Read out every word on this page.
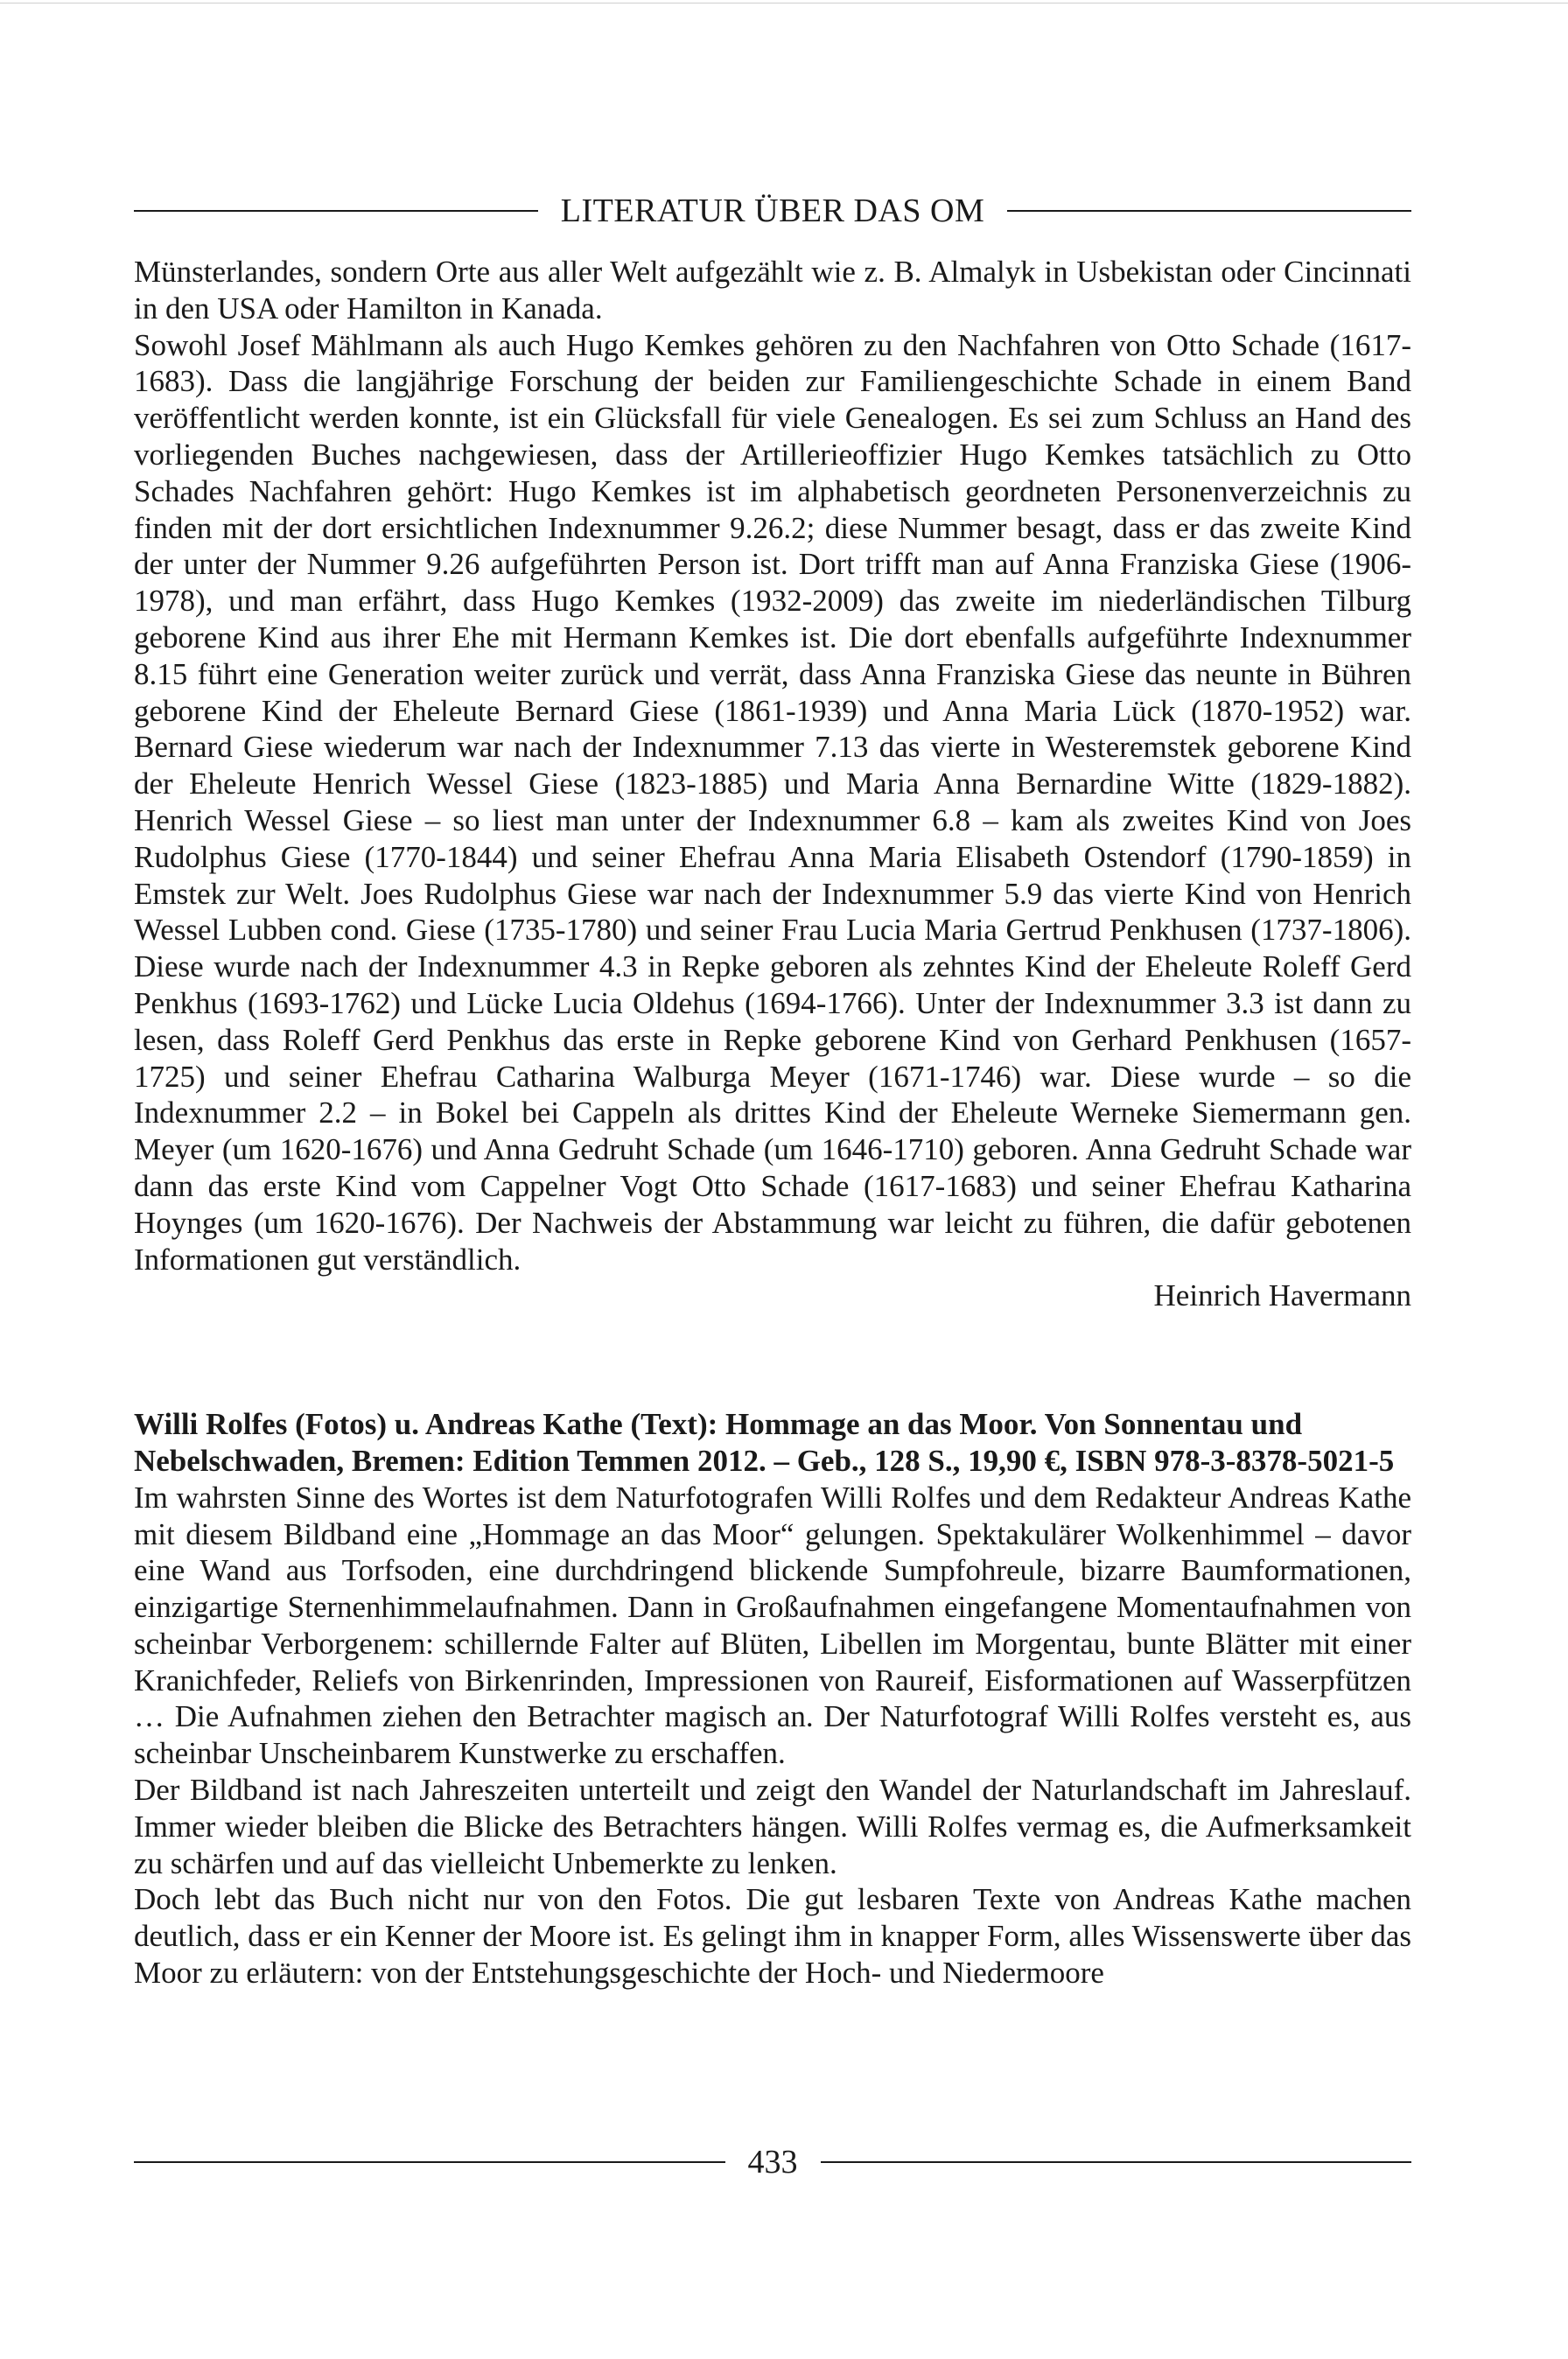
LITERATUR ÜBER DAS OM

Münsterlandes, sondern Orte aus aller Welt aufgezählt wie z. B. Almalyk in Usbekistan oder Cincinnati in den USA oder Hamilton in Kanada.

Sowohl Josef Mählmann als auch Hugo Kemkes gehören zu den Nachfahren von Otto Schade (1617-1683). Dass die langjährige Forschung der beiden zur Familiengeschichte Schade in einem Band veröffentlicht werden konnte, ist ein Glücksfall für viele Genealogen. Es sei zum Schluss an Hand des vorliegenden Buches nachgewiesen, dass der Artillerieoffizier Hugo Kemkes tatsächlich zu Otto Schades Nachfahren gehört: Hugo Kemkes ist im alphabetisch geordneten Personenverzeichnis zu finden mit der dort ersichtlichen Indexnummer 9.26.2; diese Nummer besagt, dass er das zweite Kind der unter der Nummer 9.26 aufgeführten Person ist. Dort trifft man auf Anna Franziska Giese (1906-1978), und man erfährt, dass Hugo Kemkes (1932-2009) das zweite im niederländischen Tilburg geborene Kind aus ihrer Ehe mit Hermann Kemkes ist. Die dort ebenfalls aufgeführte Indexnummer 8.15 führt eine Generation weiter zurück und verrät, dass Anna Franziska Giese das neunte in Bühren geborene Kind der Eheleute Bernard Giese (1861-1939) und Anna Maria Lück (1870-1952) war. Bernard Giese wiederum war nach der Indexnummer 7.13 das vierte in Westeremstek geborene Kind der Eheleute Henrich Wessel Giese (1823-1885) und Maria Anna Bernardine Witte (1829-1882). Henrich Wessel Giese – so liest man unter der Indexnummer 6.8 – kam als zweites Kind von Joes Rudolphus Giese (1770-1844) und seiner Ehefrau Anna Maria Elisabeth Ostendorf (1790-1859) in Emstek zur Welt. Joes Rudolphus Giese war nach der Indexnummer 5.9 das vierte Kind von Henrich Wessel Lubben cond. Giese (1735-1780) und seiner Frau Lucia Maria Gertrud Penkhusen (1737-1806). Diese wurde nach der Indexnummer 4.3 in Repke geboren als zehntes Kind der Eheleute Roleff Gerd Penkhus (1693-1762) und Lücke Lucia Oldehus (1694-1766). Unter der Indexnummer 3.3 ist dann zu lesen, dass Roleff Gerd Penkhus das erste in Repke geborene Kind von Gerhard Penkhusen (1657-1725) und seiner Ehefrau Catharina Walburga Meyer (1671-1746) war. Diese wurde – so die Indexnummer 2.2 – in Bokel bei Cappeln als drittes Kind der Eheleute Werneke Siemermann gen. Meyer (um 1620-1676) und Anna Gedruht Schade (um 1646-1710) geboren. Anna Gedruht Schade war dann das erste Kind vom Cappelner Vogt Otto Schade (1617-1683) und seiner Ehefrau Katharina Hoynges (um 1620-1676). Der Nachweis der Abstammung war leicht zu führen, die dafür gebotenen Informationen gut verständlich.

Heinrich Havermann

Willi Rolfes (Fotos) u. Andreas Kathe (Text): Hommage an das Moor. Von Sonnentau und Nebelschwaden, Bremen: Edition Temmen 2012. – Geb., 128 S., 19,90 €, ISBN 978-3-8378-5021-5

Im wahrsten Sinne des Wortes ist dem Naturfotografen Willi Rolfes und dem Redakteur Andreas Kathe mit diesem Bildband eine „Hommage an das Moor“ gelungen. Spektakulärer Wolkenhimmel – davor eine Wand aus Torfsoden, eine durchdringend blickende Sumpfohreule, bizarre Baumformationen, einzigartige Sternenhimmelaufnahmen. Dann in Großaufnahmen eingefangene Momentaufnahmen von scheinbar Verborgenem: schillernde Falter auf Blüten, Libellen im Morgentau, bunte Blätter mit einer Kranichfeder, Reliefs von Birkenrinden, Impressionen von Raureif, Eisformationen auf Wasserpfützen … Die Aufnahmen ziehen den Betrachter magisch an. Der Naturfotograf Willi Rolfes versteht es, aus scheinbar Unscheinbarem Kunstwerke zu erschaffen.

Der Bildband ist nach Jahreszeiten unterteilt und zeigt den Wandel der Naturlandschaft im Jahreslauf. Immer wieder bleiben die Blicke des Betrachters hängen. Willi Rolfes vermag es, die Aufmerksamkeit zu schärfen und auf das vielleicht Unbemerkte zu lenken.

Doch lebt das Buch nicht nur von den Fotos. Die gut lesbaren Texte von Andreas Kathe machen deutlich, dass er ein Kenner der Moore ist. Es gelingt ihm in knapper Form, alles Wissenswerte über das Moor zu erläutern: von der Entstehungsgeschichte der Hoch- und Niedermoore

433
